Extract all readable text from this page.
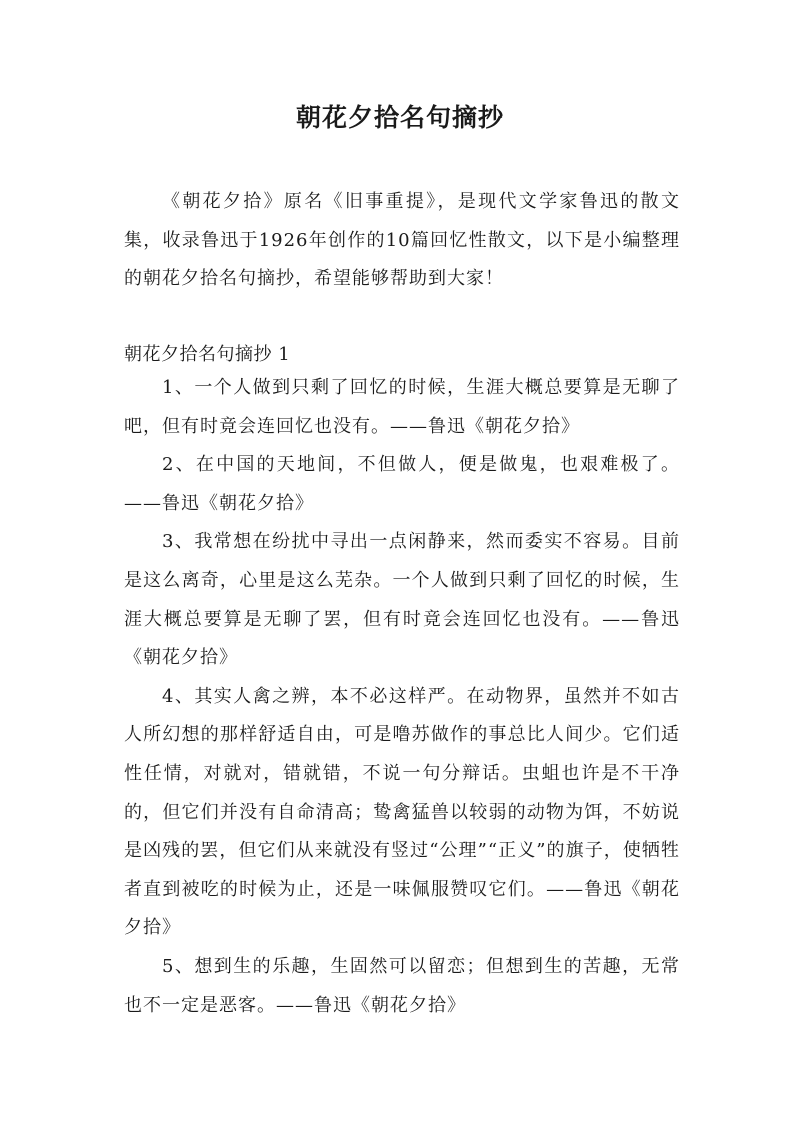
朝花夕拾名句摘抄

《朝花夕拾》原名《旧事重提》，是现代文学家鲁迅的散文集，收录鲁迅于1926年创作的10篇回忆性散文，以下是小编整理的朝花夕拾名句摘抄，希望能够帮助到大家！

朝花夕拾名句摘抄 1

1、一个人做到只剩了回忆的时候，生涯大概总要算是无聊了吧，但有时竟会连回忆也没有。——鲁迅《朝花夕拾》
2、在中国的天地间，不但做人，便是做鬼，也艰难极了。——鲁迅《朝花夕拾》
3、我常想在纷扰中寻出一点闲静来，然而委实不容易。目前是这么离奇，心里是这么芜杂。一个人做到只剩了回忆的时候，生涯大概总要算是无聊了罢，但有时竟会连回忆也没有。——鲁迅《朝花夕拾》
4、其实人禽之辨，本不必这样严。在动物界，虽然并不如古人所幻想的那样舒适自由，可是噜苏做作的事总比人间少。它们适性任情，对就对，错就错，不说一句分辩话。虫蛆也许是不干净的，但它们并没有自命清高；鸷禽猛兽以较弱的动物为饵，不妨说是凶残的罢，但它们从来就没有竖过“公理”“正义”的旗子，使牺牲者直到被吃的时候为止，还是一味佩服赞叹它们。——鲁迅《朝花夕拾》
5、想到生的乐趣，生固然可以留恋；但想到生的苦趣，无常也不一定是恶客。——鲁迅《朝花夕拾》
